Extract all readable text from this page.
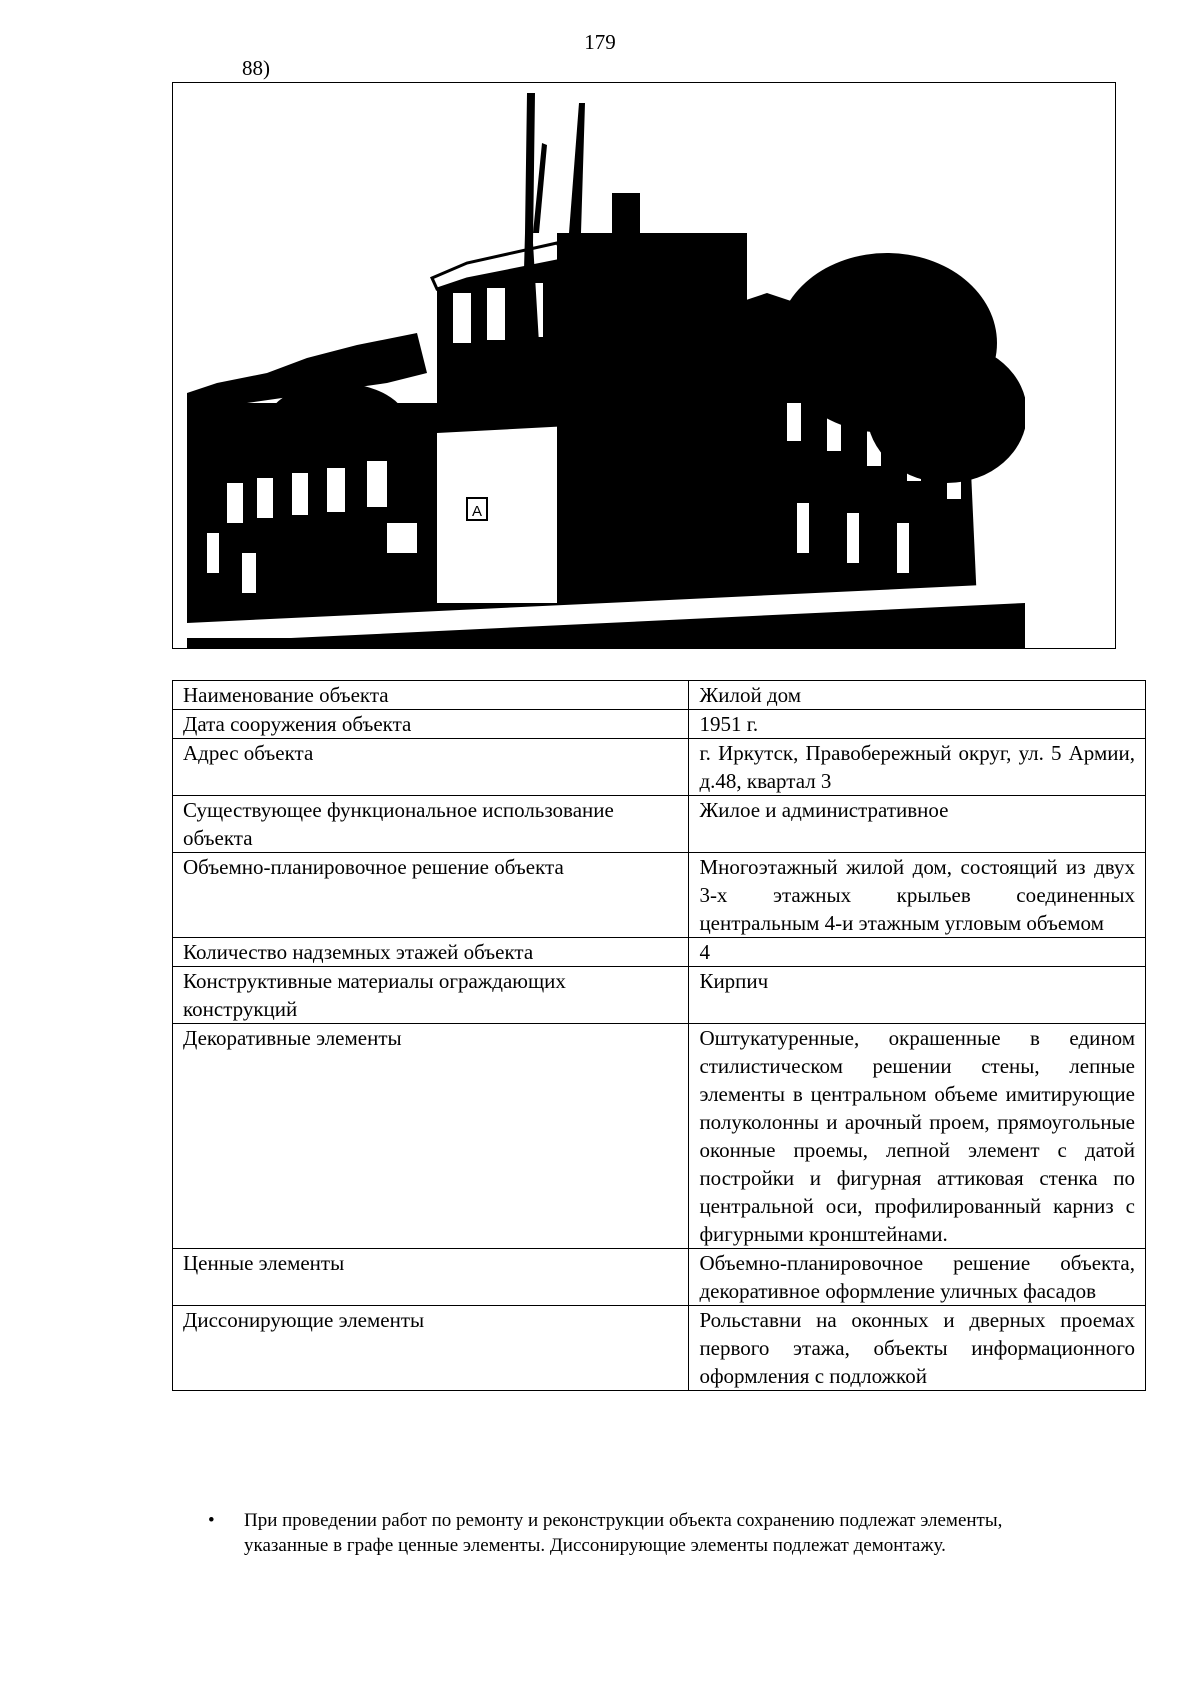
179
88)
A
Наименование объекта	Жилой дом
Дата сооружения объекта	1951 г.
Адрес объекта	г. Иркутск, Правобережный округ, ул. 5 Армии, д.48, квартал 3
Существующее функциональное использование объекта	Жилое и административное
Объемно-планировочное решение объекта	Многоэтажный жилой дом, состоящий из двух 3-х этажных крыльев соединенных центральным 4-и этажным угловым объемом
Количество надземных этажей объекта	4
Конструктивные материалы ограждающих конструкций	Кирпич
Декоративные элементы	Оштукатуренные, окрашенные в едином стилистическом решении стены, лепные элементы в центральном объеме имитирующие полуколонны и арочный проем, прямоугольные оконные проемы, лепной элемент с датой постройки и фигурная аттиковая стенка по центральной оси, профилированный карниз с фигурными кронштейнами.
Ценные элементы	Объемно-планировочное решение объекта, декоративное оформление уличных фасадов
Диссонирующие элементы	Рольставни на оконных и дверных проемах первого этажа, объекты информационного оформления с подложкой
• При проведении работ по ремонту и реконструкции объекта сохранению подлежат элементы, указанные в графе ценные элементы. Диссонирующие элементы подлежат демонтажу.
